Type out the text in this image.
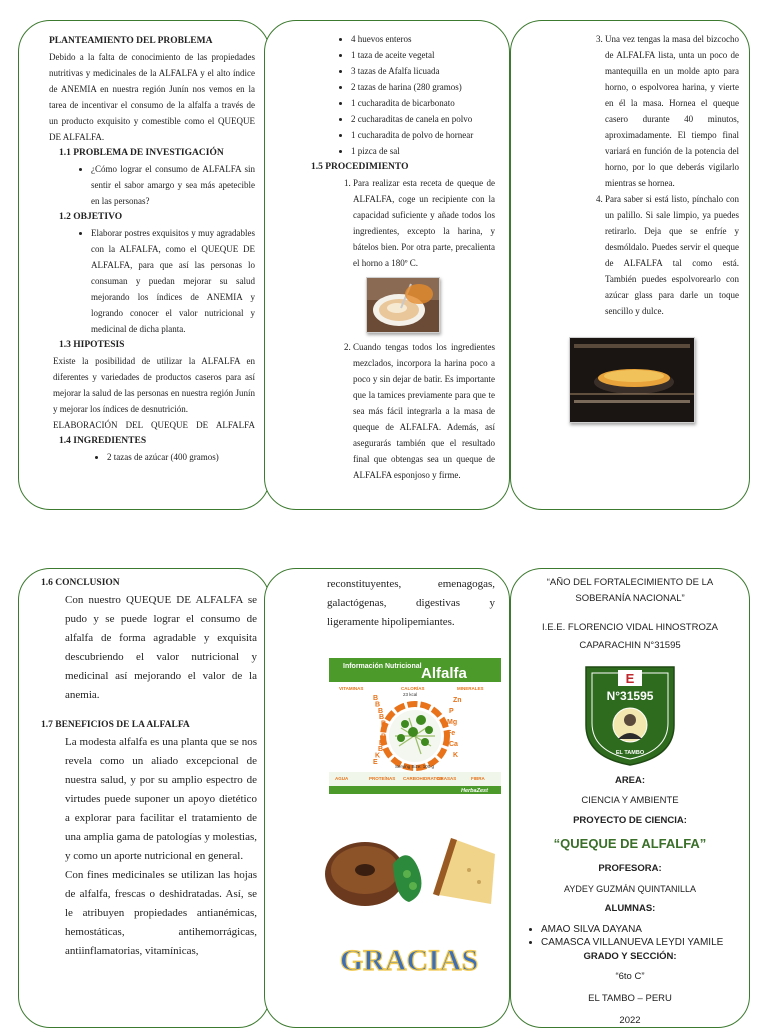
PLANTEAMIENTO DEL PROBLEMA

Debido a la falta de conocimiento de las propiedades nutritivas y medicinales de la ALFALFA y el alto índice de ANEMIA en nuestra región Junín nos vemos en la tarea de incentivar el consumo de la alfalfa a través de un producto exquisito y comestible como el QUEQUE DE ALFALFA.

1.1 PROBLEMA DE INVESTIGACIÓN

• ¿Cómo lograr el consumo de ALFALFA sin sentir el sabor amargo y sea más apetecible en las personas?

1.2 OBJETIVO

• Elaborar postres exquisitos y muy agradables con la ALFALFA, como el QUEQUE DE ALFALFA, para que así las personas lo consuman y puedan mejorar su salud mejorando los índices de ANEMIA y logrando conocer el valor nutricional y medicinal de dicha planta.

1.3 HIPOTESIS

Existe la posibilidad de utilizar la ALFALFA en diferentes y variedades de productos caseros para así mejorar la salud de las personas en nuestra región Junín y mejorar los índices de desnutrición.

ELABORACIÓN DEL QUEQUE DE ALFALFA

1.4 INGREDIENTES

• 2 tazas de azúcar (400 gramos)
• 4 huevos enteros
• 1 taza de aceite vegetal
• 3 tazas de Afalfa licuada
• 2 tazas de harina (280 gramos)
• 1 cucharadita de bicarbonato
• 2 cucharaditas de canela en polvo
• 1 cucharadita de polvo de hornear
• 1 pizca de sal

1.5 PROCEDIMIENTO

1. Para realizar esta receta de queque de ALFALFA, coge un recipiente con la capacidad suficiente y añade todos los ingredientes, excepto la harina, y bátelos bien. Por otra parte, precalienta el horno a 180º C.
2. Cuando tengas todos los ingredientes mezclados, incorpora la harina poco a poco y sin dejar de batir. Es importante que la tamices previamente para que te sea más fácil integrarla a la masa de queque de ALFALFA. Además, así asegurarás también que el resultado final que obtengas sea un queque de ALFALFA esponjoso y firme.
3. Una vez tengas la masa del bizcocho de ALFALFA lista, unta un poco de mantequilla en un molde apto para horno, o espolvorea harina, y vierte en él la masa. Hornea el queque casero durante 40 minutos, aproximadamente. El tiempo final variará en función de la potencia del horno, por lo que deberás vigilarlo mientras se hornea.
4. Para saber si está listo, pínchalo con un palillo. Si sale limpio, ya puedes retirarlo. Deja que se enfríe y desmóldalo. Puedes servir el queque de ALFALFA tal como está. También puedes espolvorearlo con azúcar glass para darle un toque sencillo y dulce.

1.6 CONCLUSION

Con nuestro QUEQUE DE ALFALFA se pudo y se puede lograr el consumo de alfalfa de forma agradable y exquisita descubriendo el valor nutricional y medicinal así mejorando el valor de la anemia.

1.7 BENEFICIOS DE LA ALFALFA

La modesta alfalfa es una planta que se nos revela como un aliado excepcional de nuestra salud, y por su amplio espectro de virtudes puede suponer un apoyo dietético a explorar para facilitar el tratamiento de una amplia gama de patologías y molestias, y como un aporte nutricional en general.

Con fines medicinales se utilizan las hojas de alfalfa, frescas o deshidratadas. Así, se le atribuyen propiedades antianémicas, hemostáticas, antihemorrágicas, antiinflamatorias, vitamínicas,

reconstituyentes, emenagogas, galactógenas, digestivas y ligeramente hipolipemiantes.

Información Nutricional Alfalfa
VITAMINAS	CALORÍAS
23 kcal
MINERALES
B
B
B
B
B
B
B
B
B
K
E
Zn
P
Mg
Fe
Ca
K
Serving Size: 100 g
AGUA	PROTEÍNAS CARBOHIDRATOS
GRASAS	FIBRA
HerbaZest
GRACIAS

“AÑO DEL FORTALECIMIENTO DE LA SOBERANÍA NACIONAL”

I.E.E. FLORENCIO VIDAL HINOSTROZA CAPARACHIN N°31595

E
N°31595
EL TAMBO

AREA:

CIENCIA Y AMBIENTE

PROYECTO DE CIENCIA:

“QUEQUE DE ALFALFA”

PROFESORA:

AYDEY GUZMÁN QUINTANILLA

ALUMNAS:

• AMAO SILVA DAYANA
• CAMASCA VILLANUEVA LEYDI YAMILE

GRADO Y SECCIÓN:

“6to C”

EL TAMBO – PERU

2022
